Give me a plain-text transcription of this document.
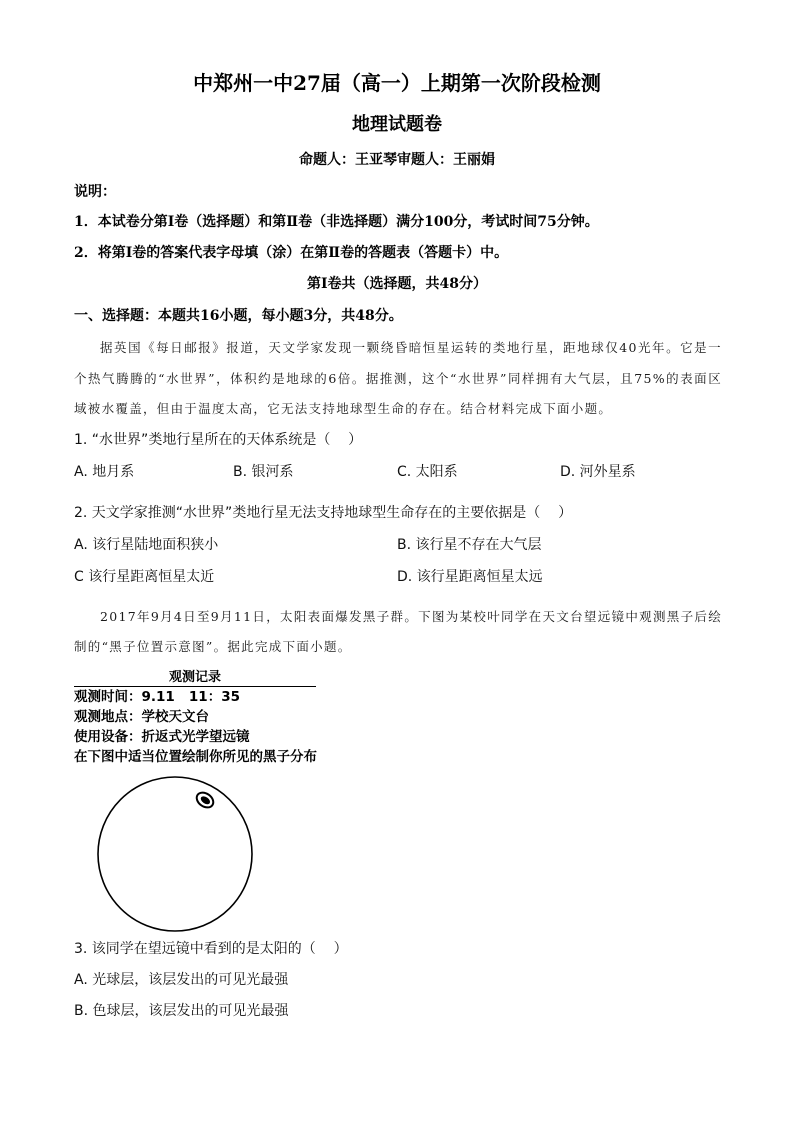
中郑州一中27届（高一）上期第一次阶段检测
地理试题卷
命题人：王亚琴审题人：王丽娟
说明：
1．本试卷分第Ⅰ卷（选择题）和第Ⅱ卷（非选择题）满分100分，考试时间75分钟。
2．将第Ⅰ卷的答案代表字母填（涂）在第Ⅱ卷的答题表（答题卡）中。
第Ⅰ卷共（选择题，共48分）
一、选择题：本题共16小题，每小题3分，共48分。

据英国《每日邮报》报道，天文学家发现一颗绕昏暗恒星运转的类地行星，距地球仅40光年。它是一个热气腾腾的“水世界”，体积约是地球的6倍。据推测，这个“水世界”同样拥有大气层，且75%的表面区域被水覆盖，但由于温度太高，它无法支持地球型生命的存在。结合材料完成下面小题。

1. “水世界”类地行星所在的天体系统是（    ）
A. 地月系	B. 银河系	C. 太阳系	D. 河外星系
2. 天文学家推测“水世界”类地行星无法支持地球型生命存在的主要依据是（    ）
A. 该行星陆地面积狭小	B. 该行星不存在大气层
C 该行星距离恒星太近	D. 该行星距离恒星太远

2017年9月4日至9月11日，太阳表面爆发黑子群。下图为某校叶同学在天文台望远镜中观测黑子后绘制的“黑子位置示意图”。据此完成下面小题。

观测记录
观测时间：9.11   11：35
观测地点：学校天文台
使用设备：折返式光学望远镜
在下图中适当位置绘制你所见的黑子分布
3. 该同学在望远镜中看到的是太阳的（    ）
A. 光球层，该层发出的可见光最强
B. 色球层，该层发出的可见光最强
